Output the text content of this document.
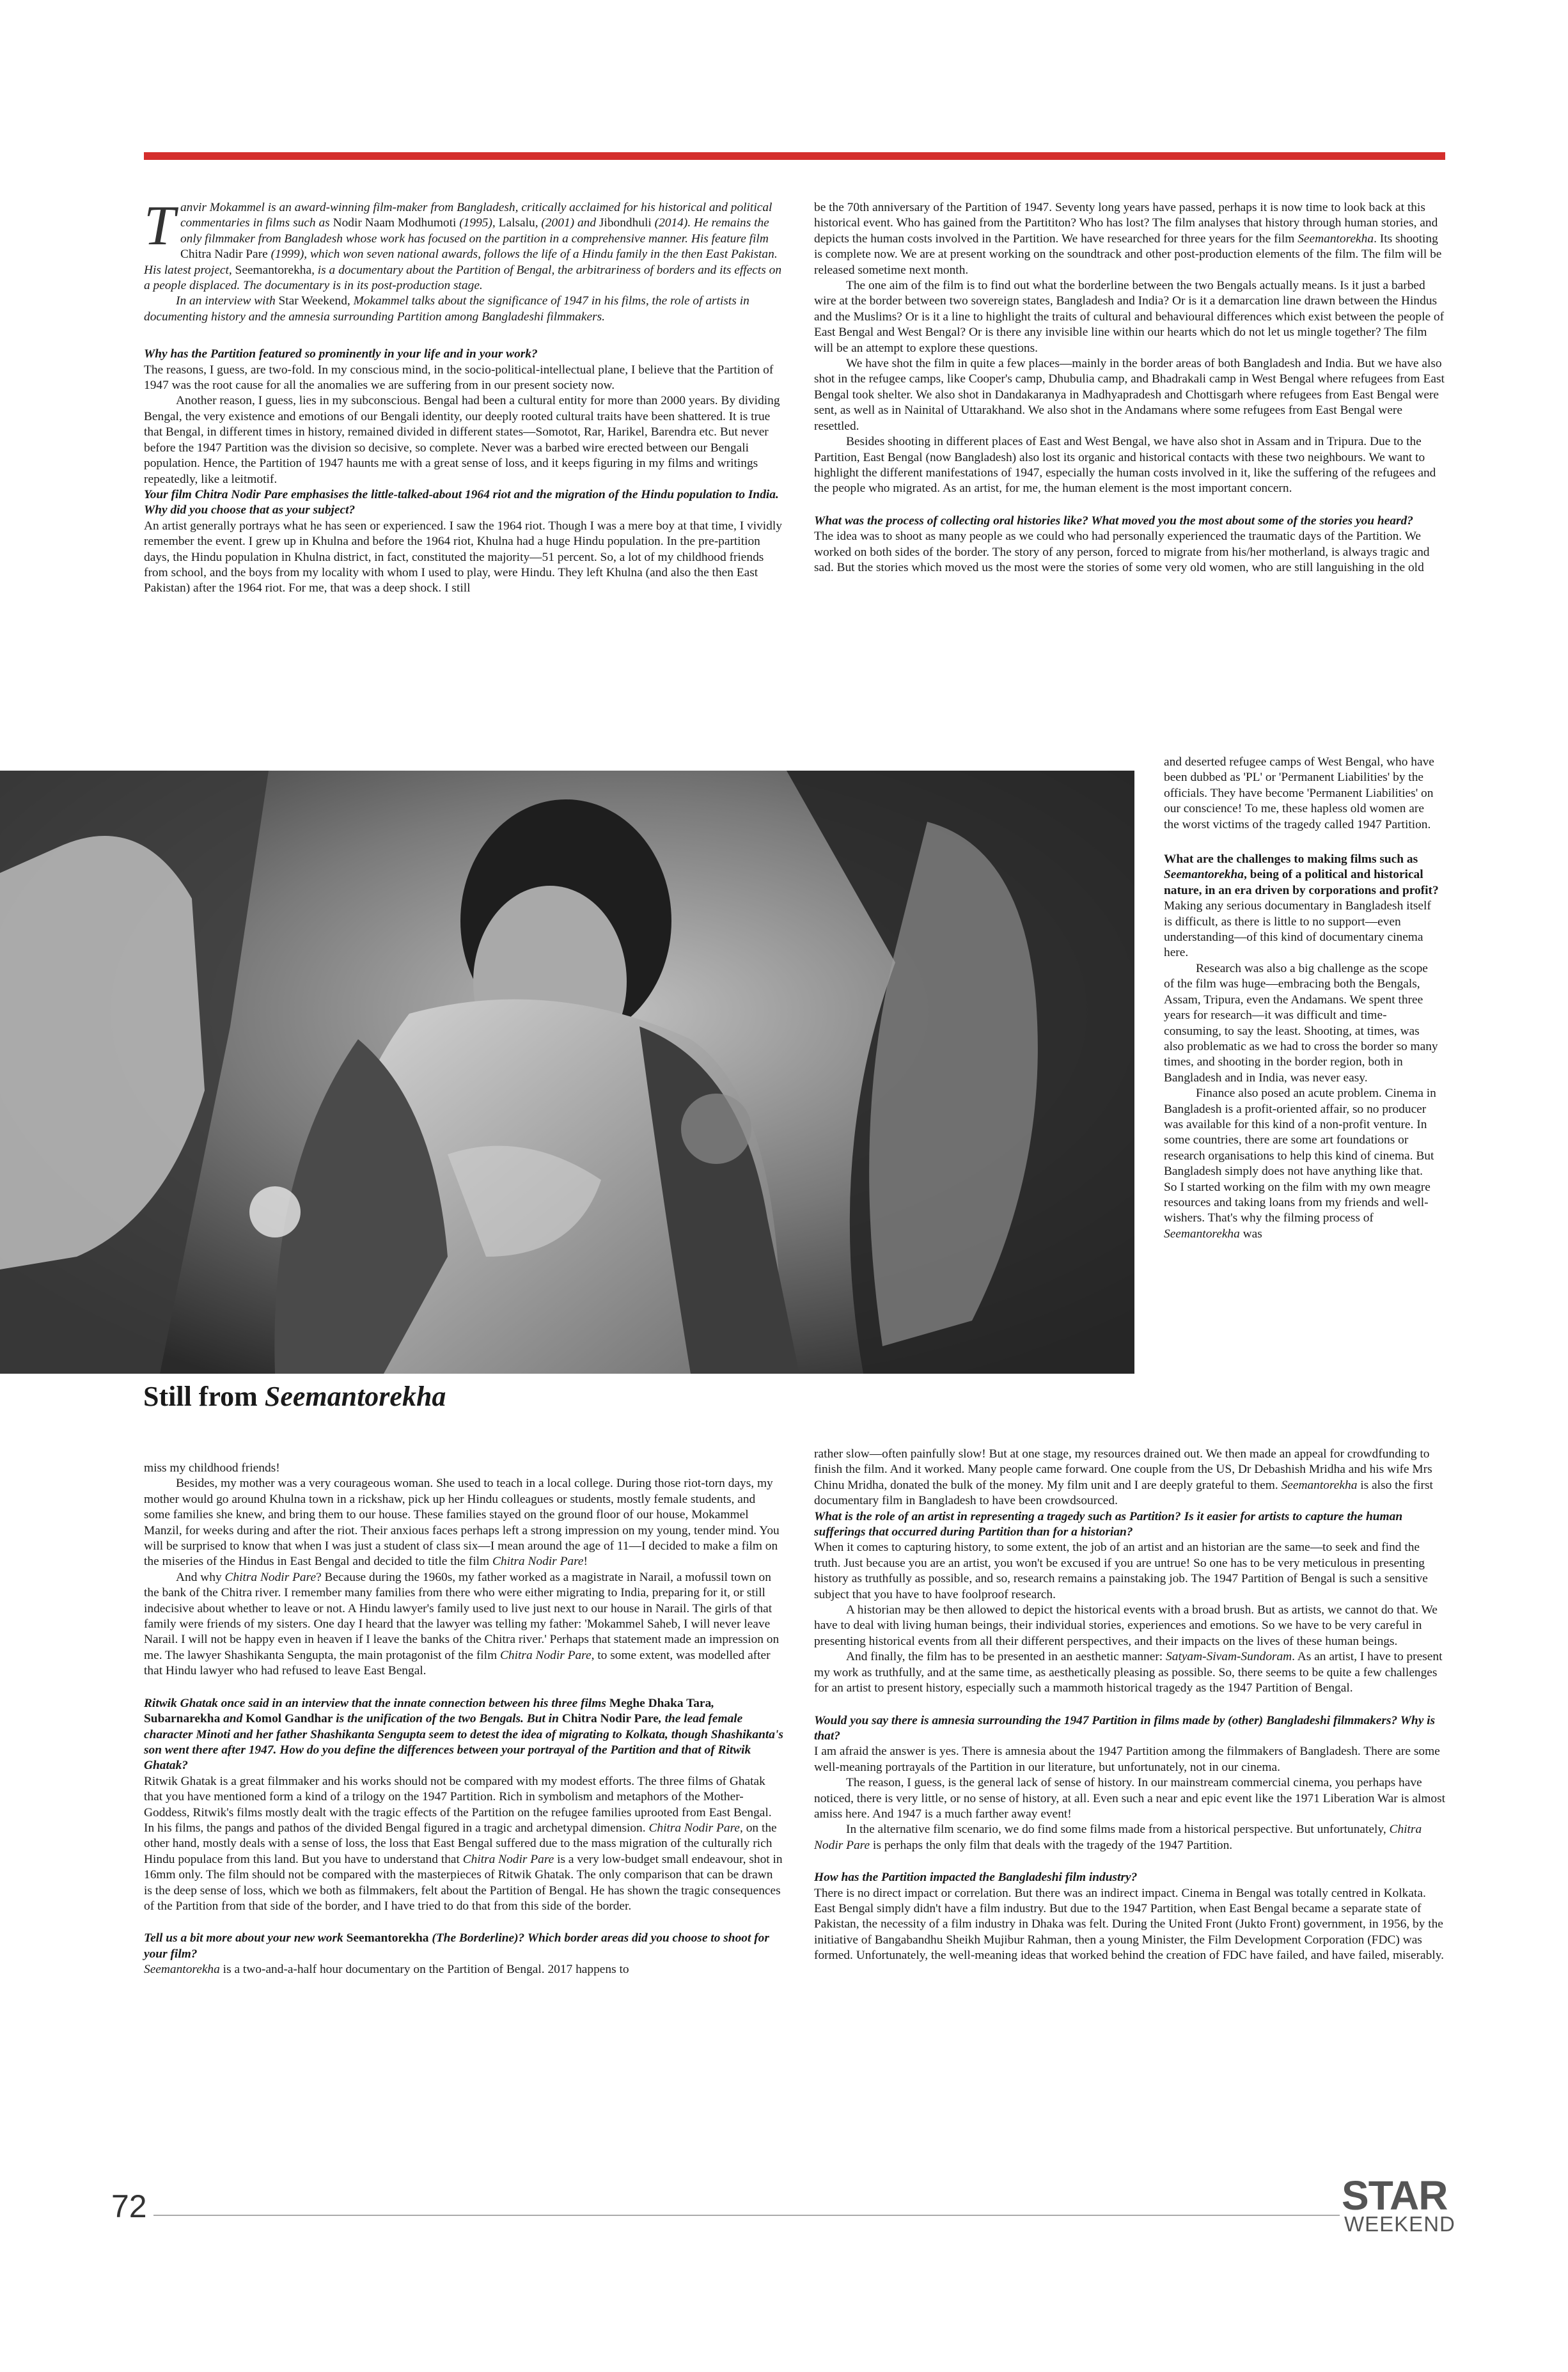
Tanvir Mokammel is an award-winning film-maker from Bangladesh, critically acclaimed for his historical and political commentaries in films such as Nodir Naam Modhumoti (1995), Lalsalu, (2001) and Jibondhuli (2014). He remains the only filmmaker from Bangladesh whose work has focused on the partition in a comprehensive manner. His feature film Chitra Nadir Pare (1999), which won seven national awards, follows the life of a Hindu family in the then East Pakistan. His latest project, Seemantorekha, is a documentary about the Partition of Bengal, the arbitrariness of borders and its effects on a people displaced. The documentary is in its post-production stage.

In an interview with Star Weekend, Mokammel talks about the significance of 1947 in his films, the role of artists in documenting history and the amnesia surrounding Partition among Bangladeshi filmmakers.

Why has the Partition featured so prominently in your life and in your work?

The reasons, I guess, are two-fold. In my conscious mind, in the socio-political-intellectual plane, I believe that the Partition of 1947 was the root cause for all the anomalies we are suffering from in our present society now.

Another reason, I guess, lies in my subconscious. Bengal had been a cultural entity for more than 2000 years. By dividing Bengal, the very existence and emotions of our Bengali identity, our deeply rooted cultural traits have been shattered. It is true that Bengal, in different times in history, remained divided in different states—Somotot, Rar, Harikel, Barendra etc. But never before the 1947 Partition was the division so decisive, so complete. Never was a barbed wire erected between our Bengali population. Hence, the Partition of 1947 haunts me with a great sense of loss, and it keeps figuring in my films and writings repeatedly, like a leitmotif.

Your film Chitra Nodir Pare emphasises the little-talked-about 1964 riot and the migration of the Hindu population to India. Why did you choose that as your subject?

An artist generally portrays what he has seen or experienced. I saw the 1964 riot. Though I was a mere boy at that time, I vividly remember the event. I grew up in Khulna and before the 1964 riot, Khulna had a huge Hindu population. In the pre-partition days, the Hindu population in Khulna district, in fact, constituted the majority—51 percent. So, a lot of my childhood friends from school, and the boys from my locality with whom I used to play, were Hindu. They left Khulna (and also the then East Pakistan) after the 1964 riot. For me, that was a deep shock. I still

be the 70th anniversary of the Partition of 1947. Seventy long years have passed, perhaps it is now time to look back at this historical event. Who has gained from the Partititon? Who has lost? The film analyses that history through human stories, and depicts the human costs involved in the Partition. We have researched for three years for the film Seemantorekha. Its shooting is complete now. We are at present working on the soundtrack and other post-production elements of the film. The film will be released sometime next month.

The one aim of the film is to find out what the borderline between the two Bengals actually means. Is it just a barbed wire at the border between two sovereign states, Bangladesh and India? Or is it a demarcation line drawn between the Hindus and the Muslims? Or is it a line to highlight the traits of cultural and behavioural differences which exist between the people of East Bengal and West Bengal? Or is there any invisible line within our hearts which do not let us mingle together? The film will be an attempt to explore these questions.

We have shot the film in quite a few places—mainly in the border areas of both Bangladesh and India. But we have also shot in the refugee camps, like Cooper's camp, Dhubulia camp, and Bhadrakali camp in West Bengal where refugees from East Bengal took shelter. We also shot in Dandakaranya in Madhyapradesh and Chottisgarh where refugees from East Bengal were sent, as well as in Nainital of Uttarakhand. We also shot in the Andamans where some refugees from East Bengal were resettled.

Besides shooting in different places of East and West Bengal, we have also shot in Assam and in Tripura. Due to the Partition, East Bengal (now Bangladesh) also lost its organic and historical contacts with these two neighbours. We want to highlight the different manifestations of 1947, especially the human costs involved in it, like the suffering of the refugees and the people who migrated. As an artist, for me, the human element is the most important concern.

What was the process of collecting oral histories like? What moved you the most about some of the stories you heard?

The idea was to shoot as many people as we could who had personally experienced the traumatic days of the Partition. We worked on both sides of the border. The story of any person, forced to migrate from his/her motherland, is always tragic and sad. But the stories which moved us the most were the stories of some very old women, who are still languishing in the old

Still from Seemantorekha

and deserted refugee camps of West Bengal, who have been dubbed as 'PL' or 'Permanent Liabilities' by the officials. They have become 'Permanent Liabilities' on our conscience! To me, these hapless old women are the worst victims of the tragedy called 1947 Partition.

What are the challenges to making films such as Seemantorekha, being of a political and historical nature, in an era driven by corporations and profit?

Making any serious documentary in Bangladesh itself is difficult, as there is little to no support—even understanding—of this kind of documentary cinema here.

Research was also a big challenge as the scope of the film was huge—embracing both the Bengals, Assam, Tripura, even the Andamans. We spent three years for research—it was difficult and time-consuming, to say the least. Shooting, at times, was also problematic as we had to cross the border so many times, and shooting in the border region, both in Bangladesh and in India, was never easy.

Finance also posed an acute problem. Cinema in Bangladesh is a profit-oriented affair, so no producer was available for this kind of a non-profit venture. In some countries, there are some art foundations or research organisations to help this kind of cinema. But Bangladesh simply does not have anything like that. So I started working on the film with my own meagre resources and taking loans from my friends and well-wishers. That's why the filming process of Seemantorekha was

miss my childhood friends!

Besides, my mother was a very courageous woman. She used to teach in a local college. During those riot-torn days, my mother would go around Khulna town in a rickshaw, pick up her Hindu colleagues or students, mostly female students, and some families she knew, and bring them to our house. These families stayed on the ground floor of our house, Mokammel Manzil, for weeks during and after the riot. Their anxious faces perhaps left a strong impression on my young, tender mind. You will be surprised to know that when I was just a student of class six—I mean around the age of 11—I decided to make a film on the miseries of the Hindus in East Bengal and decided to title the film Chitra Nodir Pare!

And why Chitra Nodir Pare? Because during the 1960s, my father worked as a magistrate in Narail, a mofussil town on the bank of the Chitra river. I remember many families from there who were either migrating to India, preparing for it, or still indecisive about whether to leave or not. A Hindu lawyer's family used to live just next to our house in Narail. The girls of that family were friends of my sisters. One day I heard that the lawyer was telling my father: 'Mokammel Saheb, I will never leave Narail. I will not be happy even in heaven if I leave the banks of the Chitra river.' Perhaps that statement made an impression on me. The lawyer Shashikanta Sengupta, the main protagonist of the film Chitra Nodir Pare, to some extent, was modelled after that Hindu lawyer who had refused to leave East Bengal.

Ritwik Ghatak once said in an interview that the innate connection between his three films Meghe Dhaka Tara, Subarnarekha and Komol Gandhar is the unification of the two Bengals. But in Chitra Nodir Pare, the lead female character Minoti and her father Shashikanta Sengupta seem to detest the idea of migrating to Kolkata, though Shashikanta's son went there after 1947. How do you define the differences between your portrayal of the Partition and that of Ritwik Ghatak?

Ritwik Ghatak is a great filmmaker and his works should not be compared with my modest efforts. The three films of Ghatak that you have mentioned form a kind of a trilogy on the 1947 Partition. Rich in symbolism and metaphors of the Mother-Goddess, Ritwik's films mostly dealt with the tragic effects of the Partition on the refugee families uprooted from East Bengal. In his films, the pangs and pathos of the divided Bengal figured in a tragic and archetypal dimension. Chitra Nodir Pare, on the other hand, mostly deals with a sense of loss, the loss that East Bengal suffered due to the mass migration of the culturally rich Hindu populace from this land. But you have to understand that Chitra Nodir Pare is a very low-budget small endeavour, shot in 16mm only. The film should not be compared with the masterpieces of Ritwik Ghatak. The only comparison that can be drawn is the deep sense of loss, which we both as filmmakers, felt about the Partition of Bengal. He has shown the tragic consequences of the Partition from that side of the border, and I have tried to do that from this side of the border.

Tell us a bit more about your new work Seemantorekha (The Borderline)? Which border areas did you choose to shoot for your film?

Seemantorekha is a two-and-a-half hour documentary on the Partition of Bengal. 2017 happens to

rather slow—often painfully slow! But at one stage, my resources drained out. We then made an appeal for crowdfunding to finish the film. And it worked. Many people came forward. One couple from the US, Dr Debashish Mridha and his wife Mrs Chinu Mridha, donated the bulk of the money. My film unit and I are deeply grateful to them. Seemantorekha is also the first documentary film in Bangladesh to have been crowdsourced.

What is the role of an artist in representing a tragedy such as Partition? Is it easier for artists to capture the human sufferings that occurred during Partition than for a historian?

When it comes to capturing history, to some extent, the job of an artist and an historian are the same—to seek and find the truth. Just because you are an artist, you won't be excused if you are untrue! So one has to be very meticulous in presenting history as truthfully as possible, and so, research remains a painstaking job. The 1947 Partition of Bengal is such a sensitive subject that you have to have foolproof research.

A historian may be then allowed to depict the historical events with a broad brush. But as artists, we cannot do that. We have to deal with living human beings, their individual stories, experiences and emotions. So we have to be very careful in presenting historical events from all their different perspectives, and their impacts on the lives of these human beings.

And finally, the film has to be presented in an aesthetic manner: Satyam-Sivam-Sundoram. As an artist, I have to present my work as truthfully, and at the same time, as aesthetically pleasing as possible. So, there seems to be quite a few challenges for an artist to present history, especially such a mammoth historical tragedy as the 1947 Partition of Bengal.

Would you say there is amnesia surrounding the 1947 Partition in films made by (other) Bangladeshi filmmakers? Why is that?

I am afraid the answer is yes. There is amnesia about the 1947 Partition among the filmmakers of Bangladesh. There are some well-meaning portrayals of the Partition in our literature, but unfortunately, not in our cinema.

The reason, I guess, is the general lack of sense of history. In our mainstream commercial cinema, you perhaps have noticed, there is very little, or no sense of history, at all. Even such a near and epic event like the 1971 Liberation War is almost amiss here. And 1947 is a much farther away event!

In the alternative film scenario, we do find some films made from a historical perspective. But unfortunately, Chitra Nodir Pare is perhaps the only film that deals with the tragedy of the 1947 Partition.

How has the Partition impacted the Bangladeshi film industry?

There is no direct impact or correlation. But there was an indirect impact. Cinema in Bengal was totally centred in Kolkata. East Bengal simply didn't have a film industry. But due to the 1947 Partition, when East Bengal became a separate state of Pakistan, the necessity of a film industry in Dhaka was felt. During the United Front (Jukto Front) government, in 1956, by the initiative of Bangabandhu Sheikh Mujibur Rahman, then a young Minister, the Film Development Corporation (FDC) was formed. Unfortunately, the well-meaning ideas that worked behind the creation of FDC have failed, and have failed, miserably.

72	STAR
WEEKEND
